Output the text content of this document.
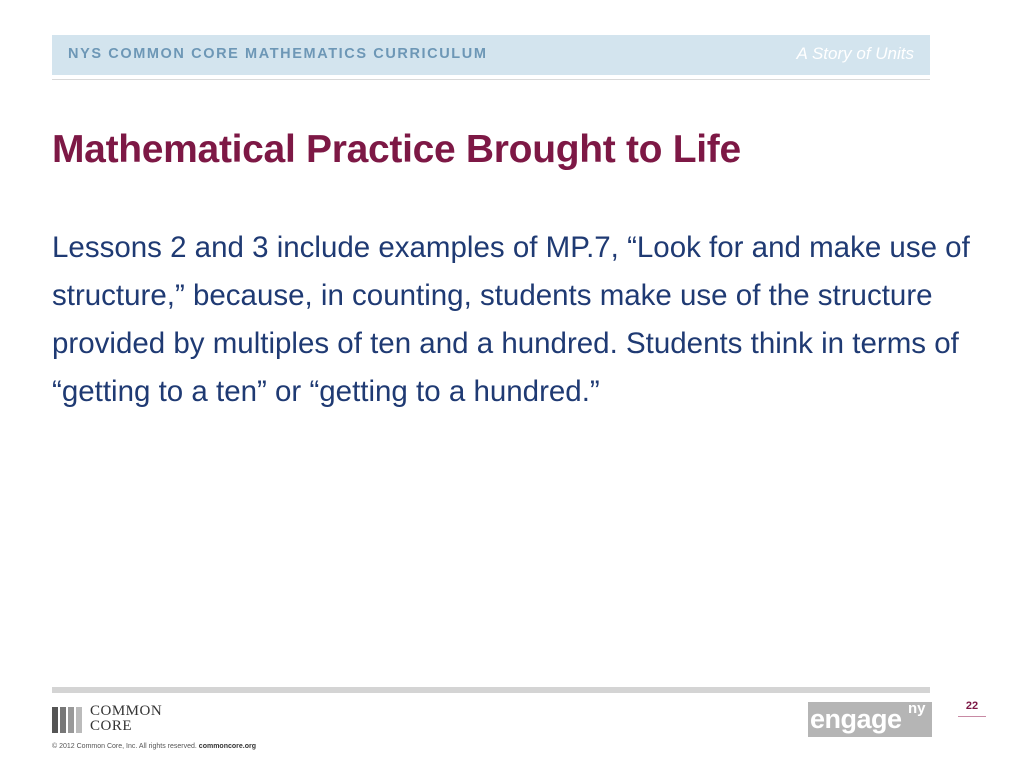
NYS COMMON CORE MATHEMATICS CURRICULUM	A Story of Units
Mathematical Practice Brought to Life

Lessons 2 and 3 include examples of MP.7, “Look for and make use of structure,” because, in counting, students make use of the structure provided by multiples of ten and a hundred. Students think in terms of “getting to a ten” or “getting to a hundred.”

COMMON
CORE
© 2012 Common Core, Inc. All rights reserved. commoncore.org
engage ny	22
